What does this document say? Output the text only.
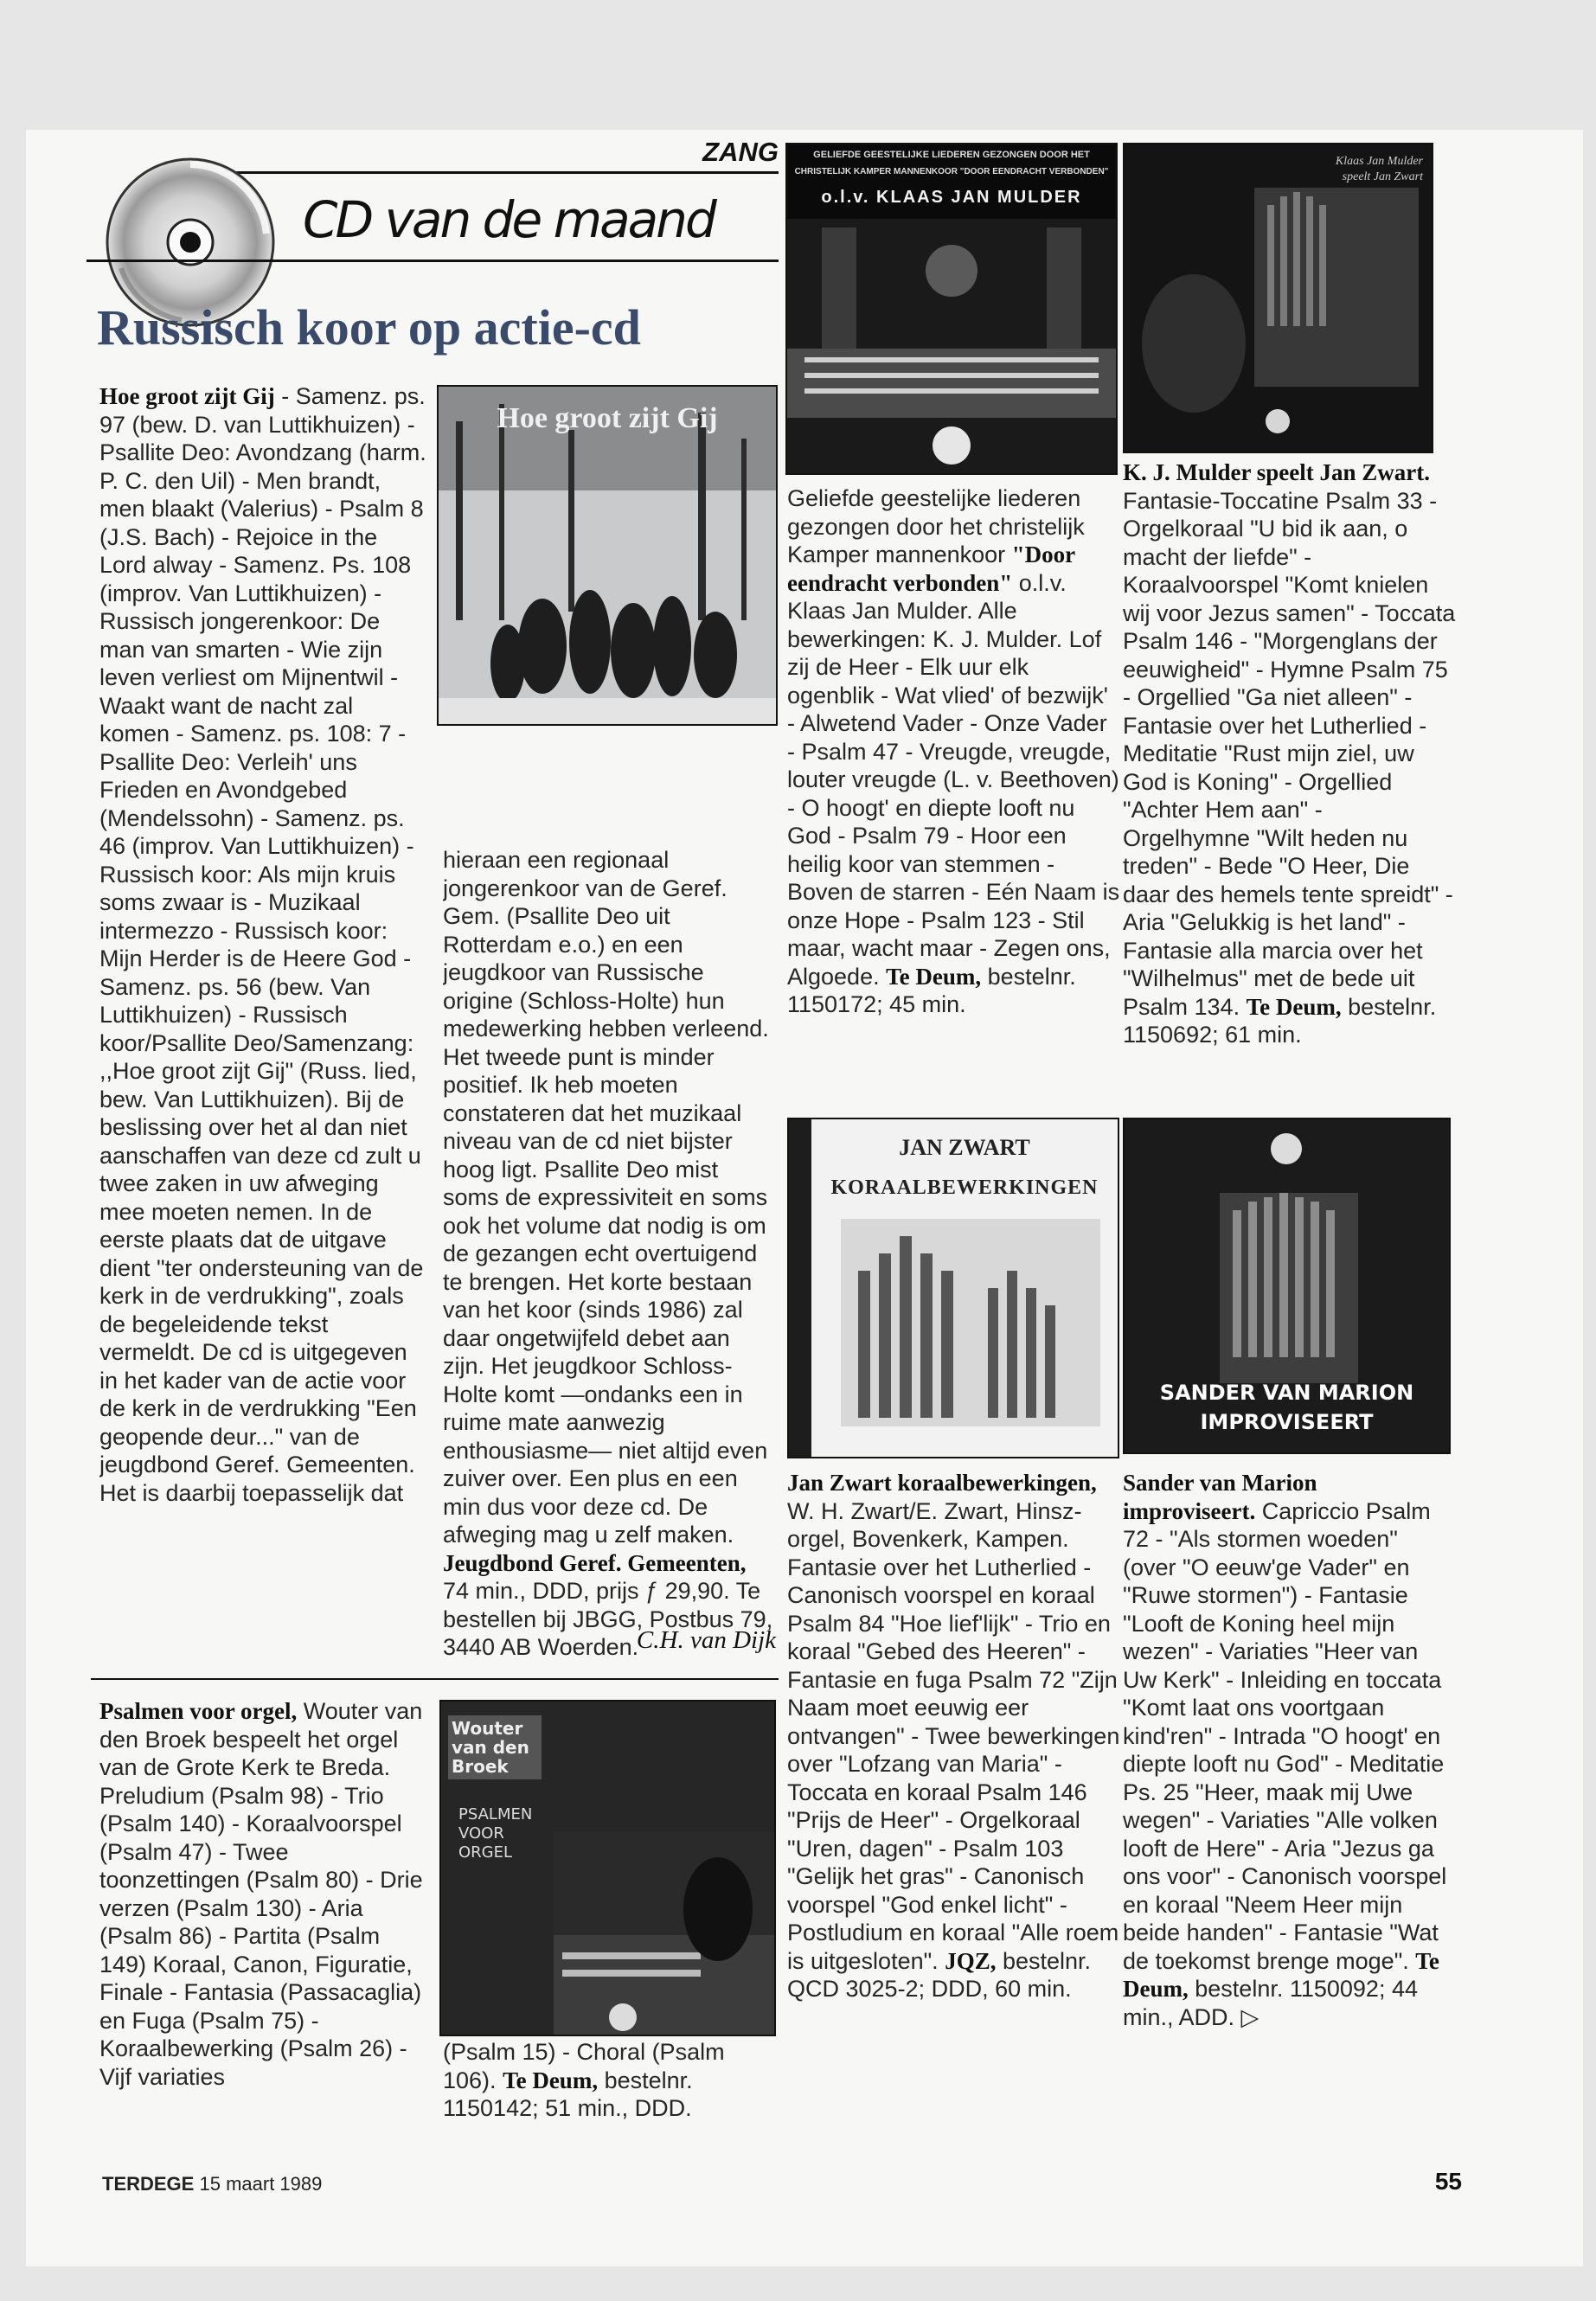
ZANG
CD van de maand
Russisch koor op actie-cd
Hoe groot zijt Gij - Samenz. ps. 97 (bew. D. van Luttikhuizen) - Psallite Deo: Avondzang (harm. P. C. den Uil) - Men brandt, men blaakt (Valerius) - Psalm 8 (J.S. Bach) - Rejoice in the Lord alway - Samenz. Ps. 108 (improv. Van Luttikhuizen) - Russisch jongerenkoor: De man van smarten - Wie zijn leven verliest om Mijnentwil - Waakt want de nacht zal komen - Samenz. ps. 108: 7 - Psallite Deo: Verleih' uns Frieden en Avondgebed (Mendelssohn) - Samenz. ps. 46 (improv. Van Luttikhuizen) - Russisch koor: Als mijn kruis soms zwaar is - Muzikaal intermezzo - Russisch koor: Mijn Herder is de Heere God - Samenz. ps. 56 (bew. Van Luttikhuizen) - Russisch koor/Psallite Deo/Samenzang: ,,Hoe groot zijt Gij" (Russ. lied, bew. Van Luttikhuizen). Bij de beslissing over het al dan niet aanschaffen van deze cd zult u twee zaken in uw afweging mee moeten nemen. In de eerste plaats dat de uitgave dient "ter ondersteuning van de kerk in de verdrukking", zoals de begeleidende tekst vermeldt. De cd is uitgegeven in het kader van de actie voor de kerk in de verdrukking "Een geopende deur..." van de jeugdbond Geref. Gemeenten. Het is daarbij toepasselijk dat
Hoe groot zijt Gij
hieraan een regionaal jongerenkoor van de Geref. Gem. (Psallite Deo uit Rotterdam e.o.) en een jeugdkoor van Russische origine (Schloss-Holte) hun medewerking hebben verleend. Het tweede punt is minder positief. Ik heb moeten constateren dat het muzikaal niveau van de cd niet bijster hoog ligt. Psallite Deo mist soms de expressiviteit en soms ook het volume dat nodig is om de gezangen echt overtuigend te brengen. Het korte bestaan van het koor (sinds 1986) zal daar ongetwijfeld debet aan zijn. Het jeugdkoor Schloss-Holte komt —ondanks een in ruime mate aanwezig enthousiasme— niet altijd even zuiver over. Een plus en een min dus voor deze cd. De afweging mag u zelf maken. Jeugdbond Geref. Gemeenten, 74 min., DDD, prijs ƒ 29,90. Te bestellen bij JBGG, Postbus 79, 3440 AB Woerden.
C.H. van Dijk
GELIEFDE GEESTELIJKE LIEDEREN GEZONGEN DOOR HET
CHRISTELIJK KAMPER MANNENKOOR "DOOR EENDRACHT VERBONDEN"
o.l.v. KLAAS JAN MULDER
Geliefde geestelijke liederen gezongen door het christelijk Kamper mannenkoor "Door eendracht verbonden" o.l.v. Klaas Jan Mulder. Alle bewerkingen: K. J. Mulder. Lof zij de Heer - Elk uur elk ogenblik - Wat vlied' of bezwijk' - Alwetend Vader - Onze Vader - Psalm 47 - Vreugde, vreugde, louter vreugde (L. v. Beethoven) - O hoogt' en diepte looft nu God - Psalm 79 - Hoor een heilig koor van stemmen - Boven de starren - Eén Naam is onze Hope - Psalm 123 - Stil maar, wacht maar - Zegen ons, Algoede. Te Deum, bestelnr. 1150172; 45 min.
JAN ZWART
KORAALBEWERKINGEN
Jan Zwart koraalbewerkingen, W. H. Zwart/E. Zwart, Hinsz-orgel, Bovenkerk, Kampen. Fantasie over het Lutherlied - Canonisch voorspel en koraal Psalm 84 "Hoe lief'lijk" - Trio en koraal "Gebed des Heeren" - Fantasie en fuga Psalm 72 "Zijn Naam moet eeuwig eer ontvangen" - Twee bewerkingen over "Lofzang van Maria" - Toccata en koraal Psalm 146 "Prijs de Heer" - Orgelkoraal "Uren, dagen" - Psalm 103 "Gelijk het gras" - Canonisch voorspel "God enkel licht" - Postludium en koraal "Alle roem is uitgesloten". JQZ, bestelnr. QCD 3025-2; DDD, 60 min.
Klaas Jan Mulder
speelt Jan Zwart
K. J. Mulder speelt Jan Zwart. Fantasie-Toccatine Psalm 33 - Orgelkoraal "U bid ik aan, o macht der liefde" - Koraalvoorspel "Komt knielen wij voor Jezus samen" - Toccata Psalm 146 - "Morgenglans der eeuwigheid" - Hymne Psalm 75 - Orgellied "Ga niet alleen" - Fantasie over het Lutherlied - Meditatie "Rust mijn ziel, uw God is Koning" - Orgellied "Achter Hem aan" - Orgelhymne "Wilt heden nu treden" - Bede "O Heer, Die daar des hemels tente spreidt" - Aria "Gelukkig is het land" - Fantasie alla marcia over het "Wilhelmus" met de bede uit Psalm 134. Te Deum, bestelnr. 1150692; 61 min.
SANDER VAN MARION
IMPROVISEERT
Sander van Marion improviseert. Capriccio Psalm 72 - "Als stormen woeden" (over "O eeuw'ge Vader" en "Ruwe stormen") - Fantasie "Looft de Koning heel mijn wezen" - Variaties "Heer van Uw Kerk" - Inleiding en toccata "Komt laat ons voortgaan kind'ren" - Intrada "O hoogt' en diepte looft nu God" - Meditatie Ps. 25 "Heer, maak mij Uwe wegen" - Variaties "Alle volken looft de Here" - Aria "Jezus ga ons voor" - Canonisch voorspel en koraal "Neem Heer mijn beide handen" - Fantasie "Wat de toekomst brenge moge". Te Deum, bestelnr. 1150092; 44 min., ADD. ▷
Psalmen voor orgel, Wouter van den Broek bespeelt het orgel van de Grote Kerk te Breda. Preludium (Psalm 98) - Trio (Psalm 140) - Koraalvoorspel (Psalm 47) - Twee toonzettingen (Psalm 80) - Drie verzen (Psalm 130) - Aria (Psalm 86) - Partita (Psalm 149) Koraal, Canon, Figuratie, Finale - Fantasia (Passacaglia) en Fuga (Psalm 75) - Koraalbewerking (Psalm 26) - Vijf variaties
Wouter van den Broek
PSALMEN VOOR ORGEL
(Psalm 15) - Choral (Psalm 106). Te Deum, bestelnr. 1150142; 51 min., DDD.
TERDEGE 15 maart 1989	55
